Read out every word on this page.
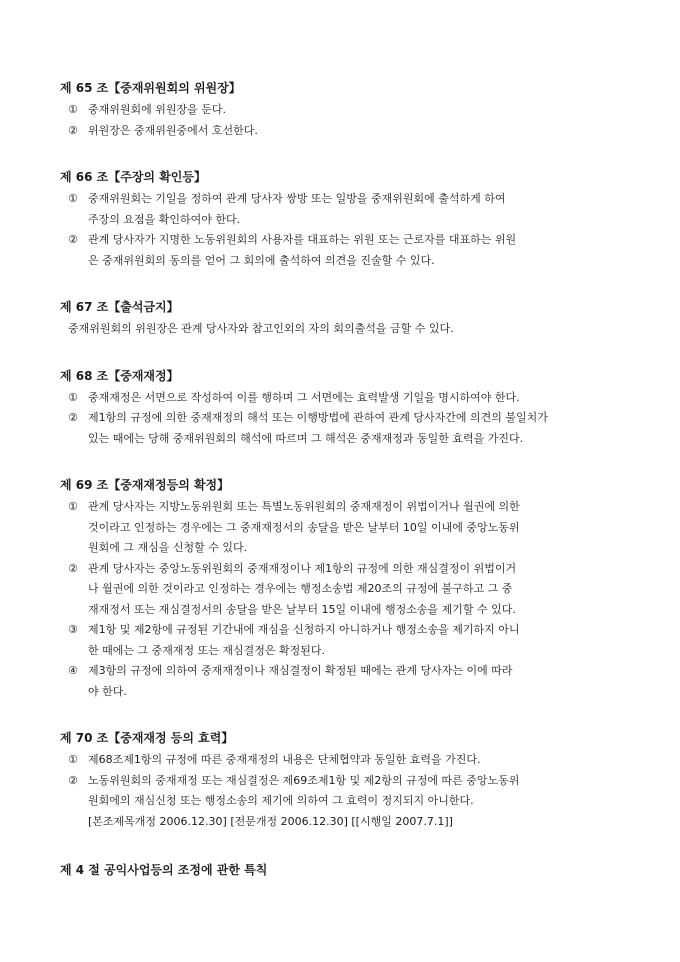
제 65 조【중재위원회의 위원장】
① 중재위원회에 위원장을 둔다.
② 위원장은 중재위원중에서 호선한다.
제 66 조【주장의 확인등】
① 중재위원회는 기일을 정하여 관계 당사자 쌍방 또는 일방을 중재위원회에 출석하게 하여
주장의 요점을 확인하여야 한다.
② 관계 당사자가 지명한 노동위원회의 사용자를 대표하는 위원 또는 근로자를 대표하는 위원
은 중재위원회의 동의를 얻어 그 회의에 출석하여 의견을 진술할 수 있다.
제 67 조【출석금지】
중재위원회의 위원장은 관계 당사자와 참고인외의 자의 회의출석을 금할 수 있다.
제 68 조【중재재정】
① 중재재정은 서면으로 작성하여 이를 행하며 그 서면에는 효력발생 기일을 명시하여야 한다.
② 제1항의 규정에 의한 중재재정의 해석 또는 이행방법에 관하여 관계 당사자간에 의견의 불일치가
있는 때에는 당해 중재위원회의 해석에 따르며 그 해석은 중재재정과 동일한 효력을 가진다.
제 69 조【중재재정등의 확정】
① 관계 당사자는 지방노동위원회 또는 특별노동위원회의 중재재정이 위법이거나 월권에 의한
것이라고 인정하는 경우에는 그 중재재정서의 송달을 받은 날부터 10일 이내에 중앙노동위
원회에 그 재심을 신청할 수 있다.
② 관계 당사자는 중앙노동위원회의 중재재정이나 제1항의 규정에 의한 재심결정이 위법이거
나 월권에 의한 것이라고 인정하는 경우에는 행정소송법 제20조의 규정에 불구하고 그 중
재재정서 또는 재심결정서의 송달을 받은 날부터 15일 이내에 행정소송을 제기할 수 있다.
③ 제1항 및 제2항에 규정된 기간내에 재심을 신청하지 아니하거나 행정소송을 제기하지 아니
한 때에는 그 중재재정 또는 재심결정은 확정된다.
④ 제3항의 규정에 의하여 중재재정이나 재심결정이 확정된 때에는 관계 당사자는 이에 따라
야 한다.
제 70 조【중재재정 등의 효력】
① 제68조제1항의 규정에 따른 중재재정의 내용은 단체협약과 동일한 효력을 가진다.
② 노동위원회의 중재재정 또는 재심결정은 제69조제1항 및 제2항의 규정에 따른 중앙노동위
원회에의 재심신청 또는 행정소송의 제기에 의하여 그 효력이 정지되지 아니한다.
[본조제목개정 2006.12.30] [전문개정 2006.12.30] [[시행일 2007.7.1]]
제 4 절 공익사업등의 조정에 관한 특칙
